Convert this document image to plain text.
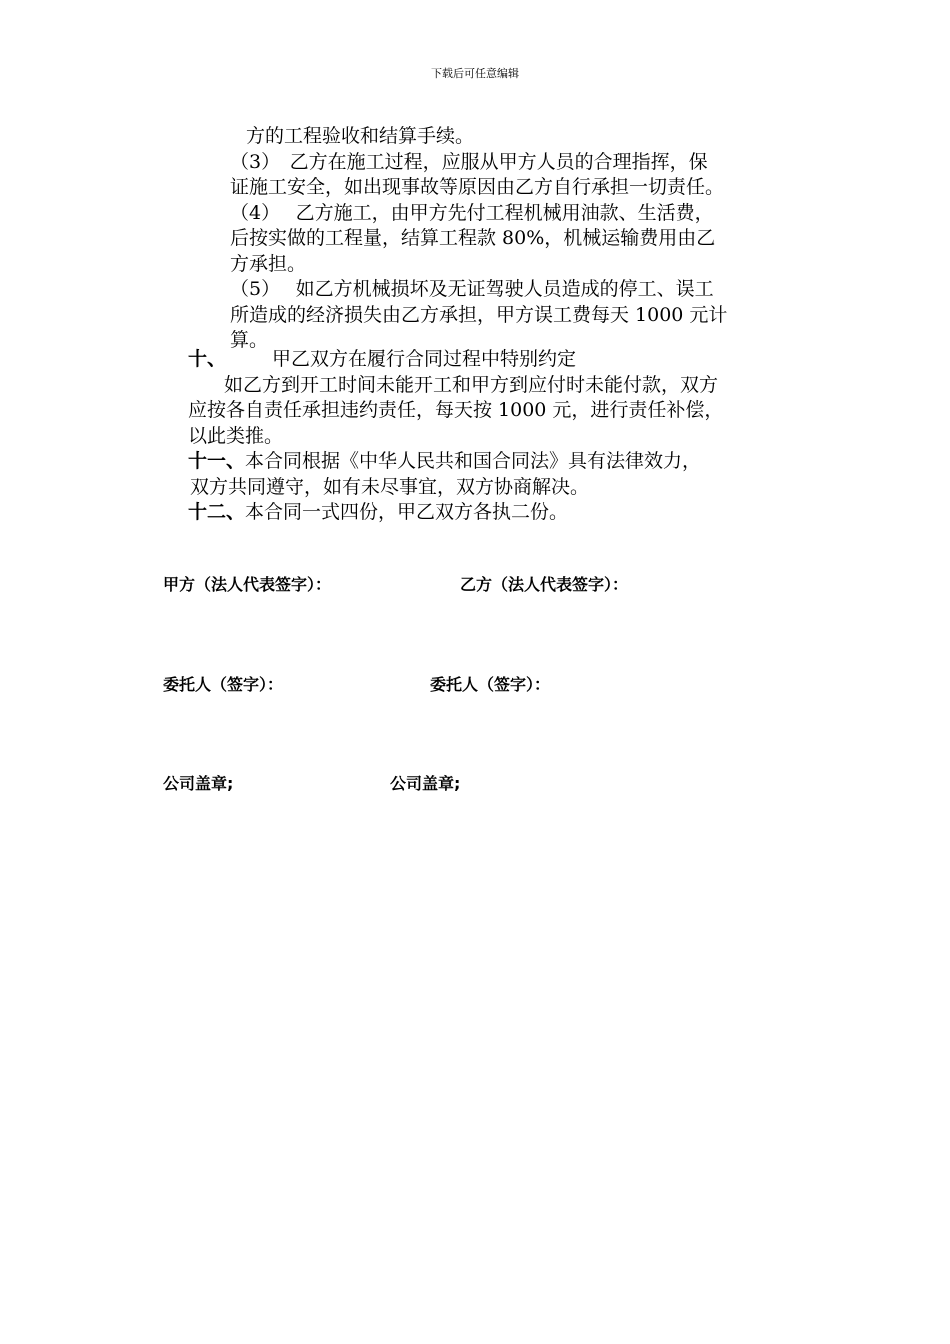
下载后可任意编辑
方的工程验收和结算手续。
（3）　乙方在施工过程，应服从甲方人员的合理指挥，保
证施工安全，如出现事故等原因由乙方自行承担一切责任。
（4）　 乙方施工，由甲方先付工程机械用油款、生活费，
后按实做的工程量，结算工程款 80%，机械运输费用由乙
方承担。
（5）　 如乙方机械损坏及无证驾驶人员造成的停工、误工
所造成的经济损失由乙方承担，甲方误工费每天 1000 元计
算。
十、 甲乙双方在履行合同过程中特别约定
如乙方到开工时间未能开工和甲方到应付时未能付款，双方
应按各自责任承担违约责任，每天按 1000 元，进行责任补偿，
以此类推。
十一、本合同根据《中华人民共和国合同法》具有法律效力，
双方共同遵守，如有未尽事宜，双方协商解决。
十二、本合同一式四份，甲乙双方各执二份。
甲方（法人代表签字）：	乙方（法人代表签字）：
委托人（签字）：	委托人（签字）：
公司盖章;	公司盖章;
